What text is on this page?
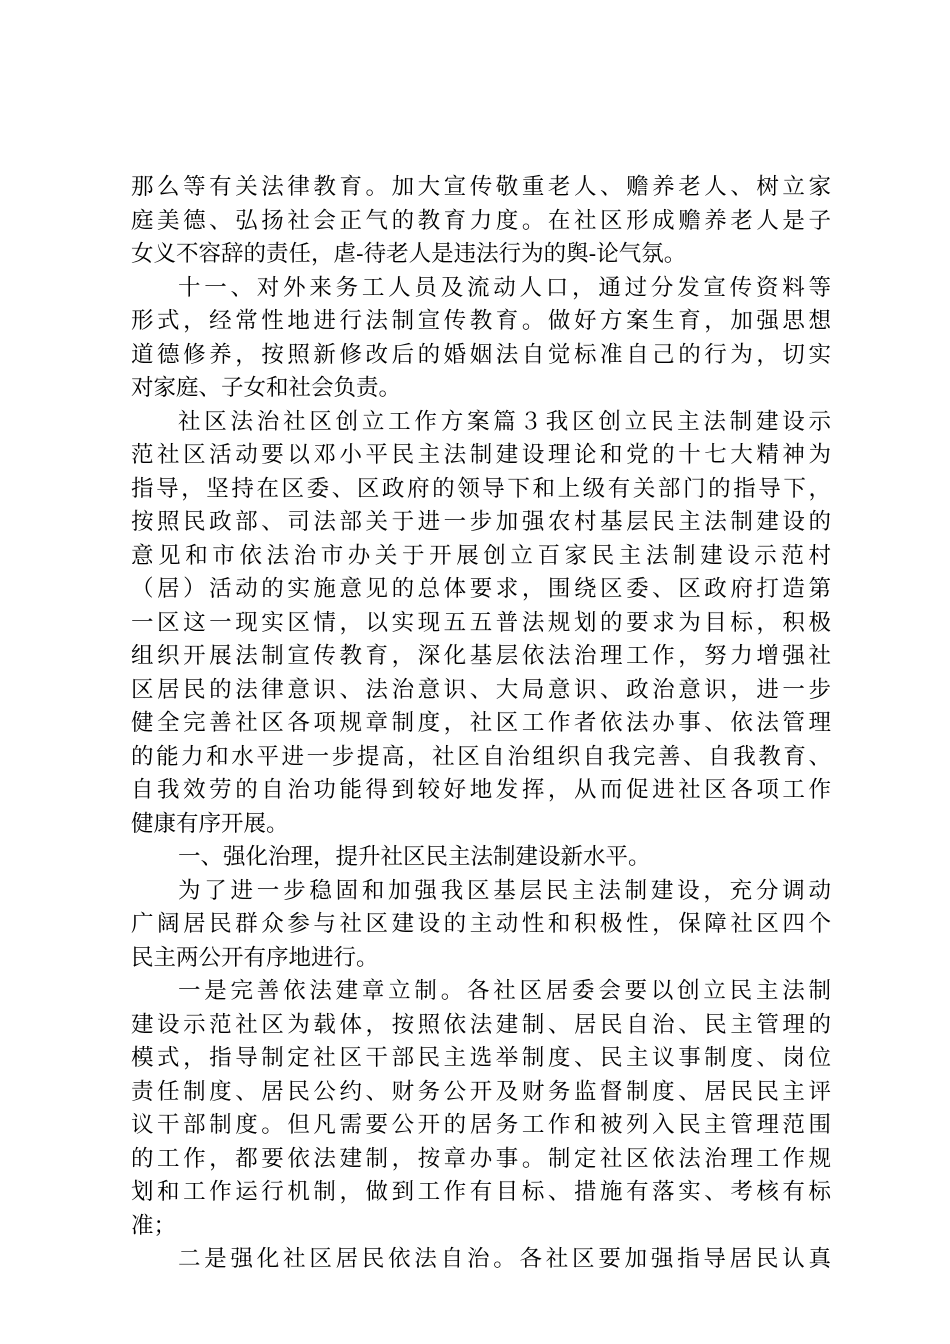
那么等有关法律教育。加大宣传敬重老人、赡养老人、树立家
庭美德、弘扬社会正气的教育力度。在社区形成赡养老人是子
女义不容辞的责任，虐-待老人是违法行为的舆-论气氛。
十一、对外来务工人员及流动人口，通过分发宣传资料等
形式，经常性地进行法制宣传教育。做好方案生育，加强思想
道德修养，按照新修改后的婚姻法自觉标准自己的行为，切实
对家庭、子女和社会负责。
社区法治社区创立工作方案篇３我区创立民主法制建设示
范社区活动要以邓小平民主法制建设理论和党的十七大精神为
指导，坚持在区委、区政府的领导下和上级有关部门的指导下，
按照民政部、司法部关于进一步加强农村基层民主法制建设的
意见和市依法治市办关于开展创立百家民主法制建设示范村
（居）活动的实施意见的总体要求，围绕区委、区政府打造第
一区这一现实区情，以实现五五普法规划的要求为目标，积极
组织开展法制宣传教育，深化基层依法治理工作，努力增强社
区居民的法律意识、法治意识、大局意识、政治意识，进一步
健全完善社区各项规章制度，社区工作者依法办事、依法管理
的能力和水平进一步提高，社区自治组织自我完善、自我教育、
自我效劳的自治功能得到较好地发挥，从而促进社区各项工作
健康有序开展。
一、强化治理，提升社区民主法制建设新水平。
为了进一步稳固和加强我区基层民主法制建设，充分调动
广阔居民群众参与社区建设的主动性和积极性，保障社区四个
民主两公开有序地进行。
一是完善依法建章立制。各社区居委会要以创立民主法制
建设示范社区为载体，按照依法建制、居民自治、民主管理的
模式，指导制定社区干部民主选举制度、民主议事制度、岗位
责任制度、居民公约、财务公开及财务监督制度、居民民主评
议干部制度。但凡需要公开的居务工作和被列入民主管理范围
的工作，都要依法建制，按章办事。制定社区依法治理工作规
划和工作运行机制，做到工作有目标、措施有落实、考核有标
准；
二是强化社区居民依法自治。各社区要加强指导居民认真
